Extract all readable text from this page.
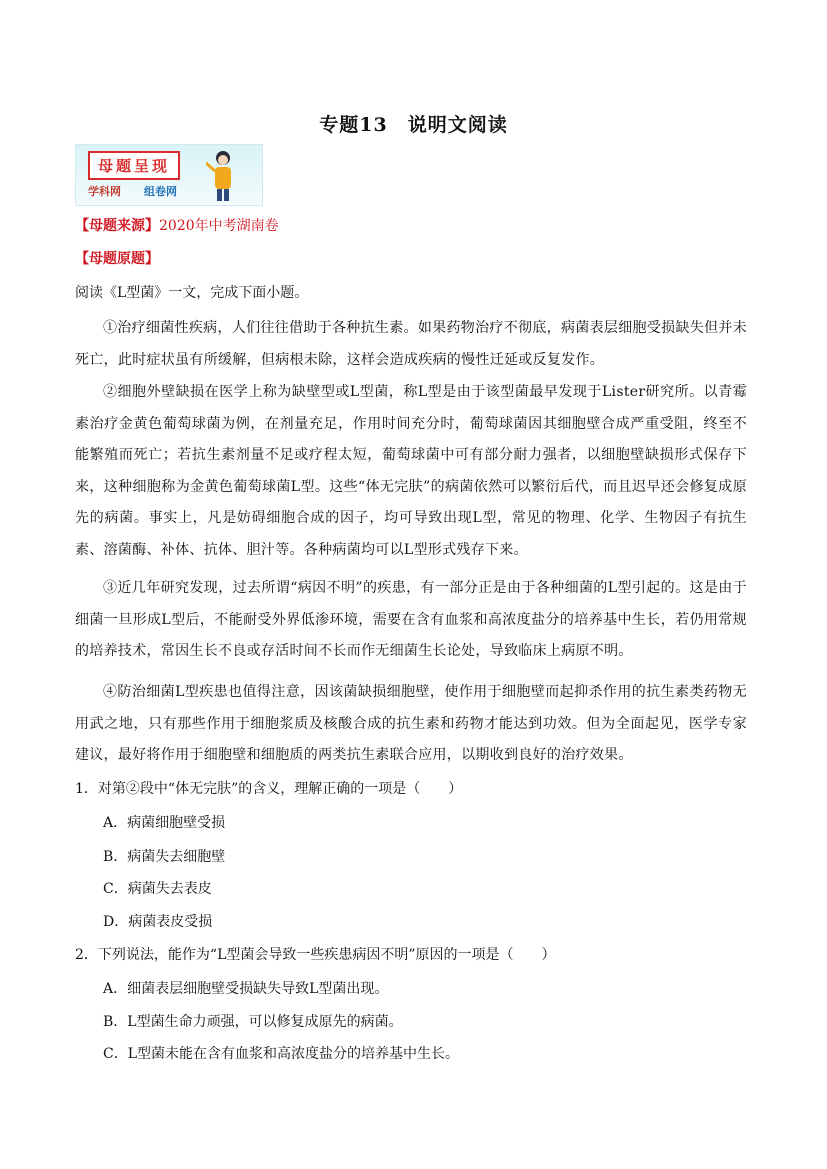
专题13　说明文阅读
母题呈现
学科网 组卷网
【母题来源】2020年中考湖南卷
【母题原题】
阅读《L型菌》一文，完成下面小题。
①治疗细菌性疾病，人们往往借助于各种抗生素。如果药物治疗不彻底，病菌表层细胞受损缺失但并未死亡，此时症状虽有所缓解，但病根未除，这样会造成疾病的慢性迁延或反复发作。
②细胞外壁缺损在医学上称为缺壁型或L型菌，称L型是由于该型菌最早发现于Lister研究所。以青霉素治疗金黄色葡萄球菌为例，在剂量充足，作用时间充分时，葡萄球菌因其细胞壁合成严重受阻，终至不能繁殖而死亡；若抗生素剂量不足或疗程太短，葡萄球菌中可有部分耐力强者，以细胞壁缺损形式保存下来，这种细胞称为金黄色葡萄球菌L型。这些“体无完肤”的病菌依然可以繁衍后代，而且迟早还会修复成原先的病菌。事实上，凡是妨碍细胞合成的因子，均可导致出现L型，常见的物理、化学、生物因子有抗生素、溶菌酶、补体、抗体、胆汁等。各种病菌均可以L型形式残存下来。
③近几年研究发现，过去所谓“病因不明”的疾患，有一部分正是由于各种细菌的L型引起的。这是由于细菌一旦形成L型后，不能耐受外界低渗环境，需要在含有血浆和高浓度盐分的培养基中生长，若仍用常规的培养技术，常因生长不良或存活时间不长而作无细菌生长论处，导致临床上病原不明。
④防治细菌L型疾患也值得注意，因该菌缺损细胞壁，使作用于细胞壁而起抑杀作用的抗生素类药物无用武之地，只有那些作用于细胞浆质及核酸合成的抗生素和药物才能达到功效。但为全面起见，医学专家建议，最好将作用于细胞壁和细胞质的两类抗生素联合应用，以期收到良好的治疗效果。
1．对第②段中“体无完肤”的含义，理解正确的一项是（　　）
A．病菌细胞壁受损
B．病菌失去细胞壁
C．病菌失去表皮
D．病菌表皮受损
2．下列说法，能作为“L型菌会导致一些疾患病因不明”原因的一项是（　　）
A．细菌表层细胞壁受损缺失导致L型菌出现。
B．L型菌生命力顽强，可以修复成原先的病菌。
C．L型菌未能在含有血浆和高浓度盐分的培养基中生长。
